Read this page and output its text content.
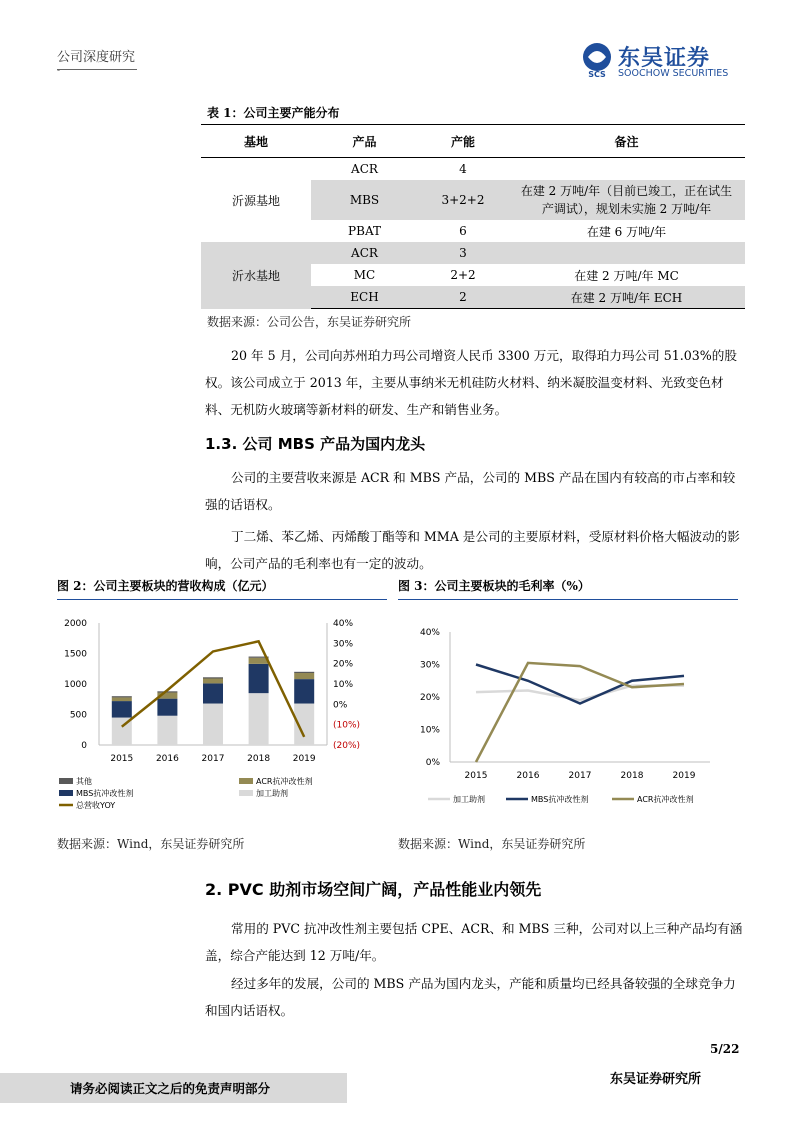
公司深度研究
-	SCS
东吴证券
SOOCHOW SECURITIES
表 1：公司主要产能分布
基地	产品	产能	备注
沂源基地	ACR	4	
	MBS	3+2+2	在建 2 万吨/年（目前已竣工，正在试生产调试），规划未实施 2 万吨/年
	PBAT	6	在建 6 万吨/年
沂水基地	ACR	3	
	MC	2+2	在建 2 万吨/年 MC
	ECH	2	在建 2 万吨/年 ECH
数据来源：公司公告，东吴证券研究所

20 年 5 月，公司向苏州珀力玛公司增资人民币 3300 万元，取得珀力玛公司 51.03%的股权。该公司成立于 2013 年，主要从事纳米无机硅防火材料、纳米凝胶温变材料、光致变色材料、无机防火玻璃等新材料的研发、生产和销售业务。

1.3. 公司 MBS 产品为国内龙头

公司的主要营收来源是 ACR 和 MBS 产品，公司的 MBS 产品在国内有较高的市占率和较强的话语权。

丁二烯、苯乙烯、丙烯酸丁酯等和 MMA 是公司的主要原材料，受原材料价格大幅波动的影响，公司产品的毛利率也有一定的波动。

图 2：公司主要板块的营收构成（亿元）
0
500
1000
1500
2000
(20%)
(10%)
0%
10%
20%
30%
40%
2015	2016	2017	2018	2019
其他	ACR抗冲改性剂
MBS抗冲改性剂	加工助剂
总营收YOY
数据来源：Wind，东吴证券研究所
图 3：公司主要板块的毛利率（%）
0%
10%
20%
30%
40%
2015	2016	2017	2018	2019
加工助剂	MBS抗冲改性剂	ACR抗冲改性剂
数据来源：Wind，东吴证券研究所
2. PVC 助剂市场空间广阔，产品性能业内领先

常用的 PVC 抗冲改性剂主要包括 CPE、ACR、和 MBS 三种，公司对以上三种产品均有涵盖，综合产能达到 12 万吨/年。

经过多年的发展，公司的 MBS 产品为国内龙头，产能和质量均已经具备较强的全球竞争力和国内话语权。

5/22
请务必阅读正文之后的免责声明部分
东吴证券研究所
